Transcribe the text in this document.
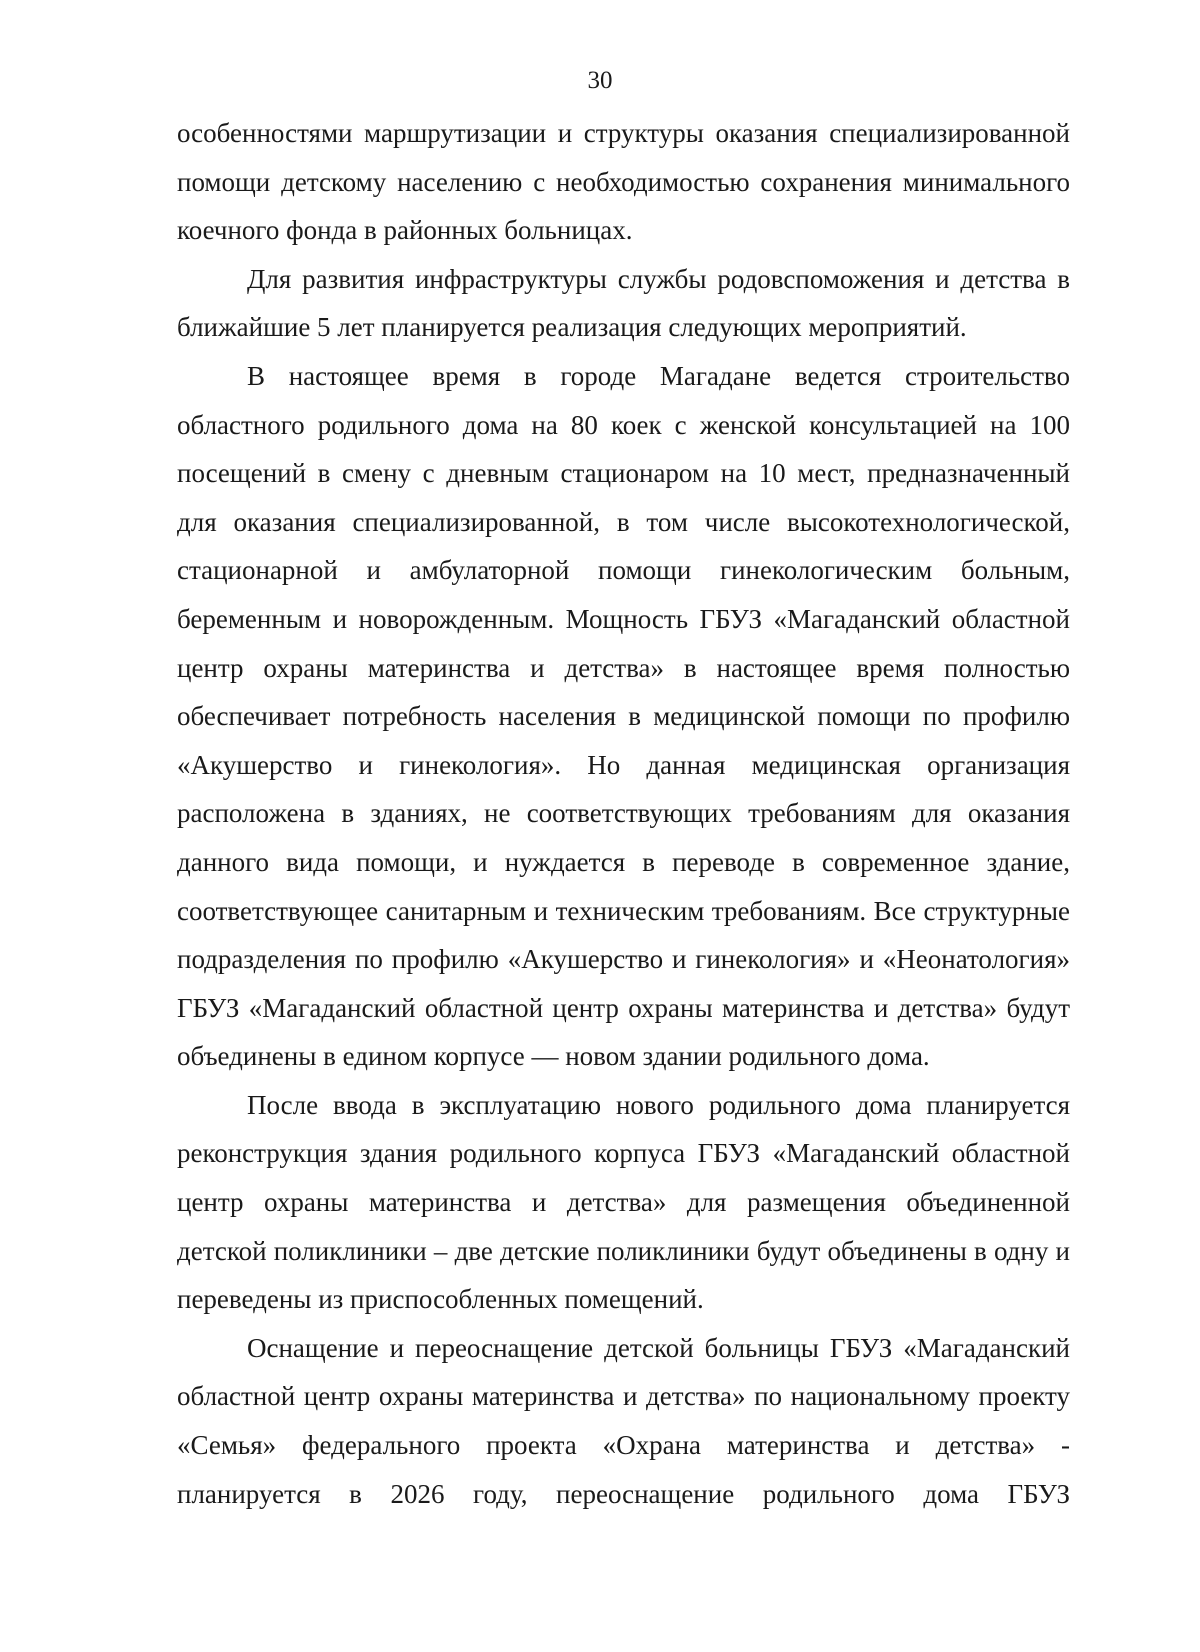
30

особенностями маршрутизации и структуры оказания специализированной помощи детскому населению с необходимостью сохранения минимального коечного фонда в районных больницах.

Для развития инфраструктуры службы родовспоможения и детства в ближайшие 5 лет планируется реализация следующих мероприятий.

В настоящее время в городе Магадане ведется строительство областного родильного дома на 80 коек с женской консультацией на 100 посещений в смену с дневным стационаром на 10 мест, предназначенный для оказания специализированной, в том числе высокотехнологической, стационарной и амбулаторной помощи гинекологическим больным, беременным и новорожденным. Мощность ГБУЗ «Магаданский областной центр охраны материнства и детства» в настоящее время полностью обеспечивает потребность населения в медицинской помощи по профилю «Акушерство и гинекология». Но данная медицинская организация расположена в зданиях, не соответствующих требованиям для оказания данного вида помощи, и нуждается в переводе в современное здание, соответствующее санитарным и техническим требованиям. Все структурные подразделения по профилю «Акушерство и гинекология» и «Неонатология» ГБУЗ «Магаданский областной центр охраны материнства и детства» будут объединены в едином корпусе — новом здании родильного дома.

После ввода в эксплуатацию нового родильного дома планируется реконструкция здания родильного корпуса ГБУЗ «Магаданский областной центр охраны материнства и детства» для размещения объединенной детской поликлиники – две детские поликлиники будут объединены в одну и переведены из приспособленных помещений.

Оснащение и переоснащение детской больницы ГБУЗ «Магаданский областной центр охраны материнства и детства» по национальному проекту «Семья» федерального проекта «Охрана материнства и детства» - планируется в 2026 году, переоснащение родильного дома ГБУЗ
